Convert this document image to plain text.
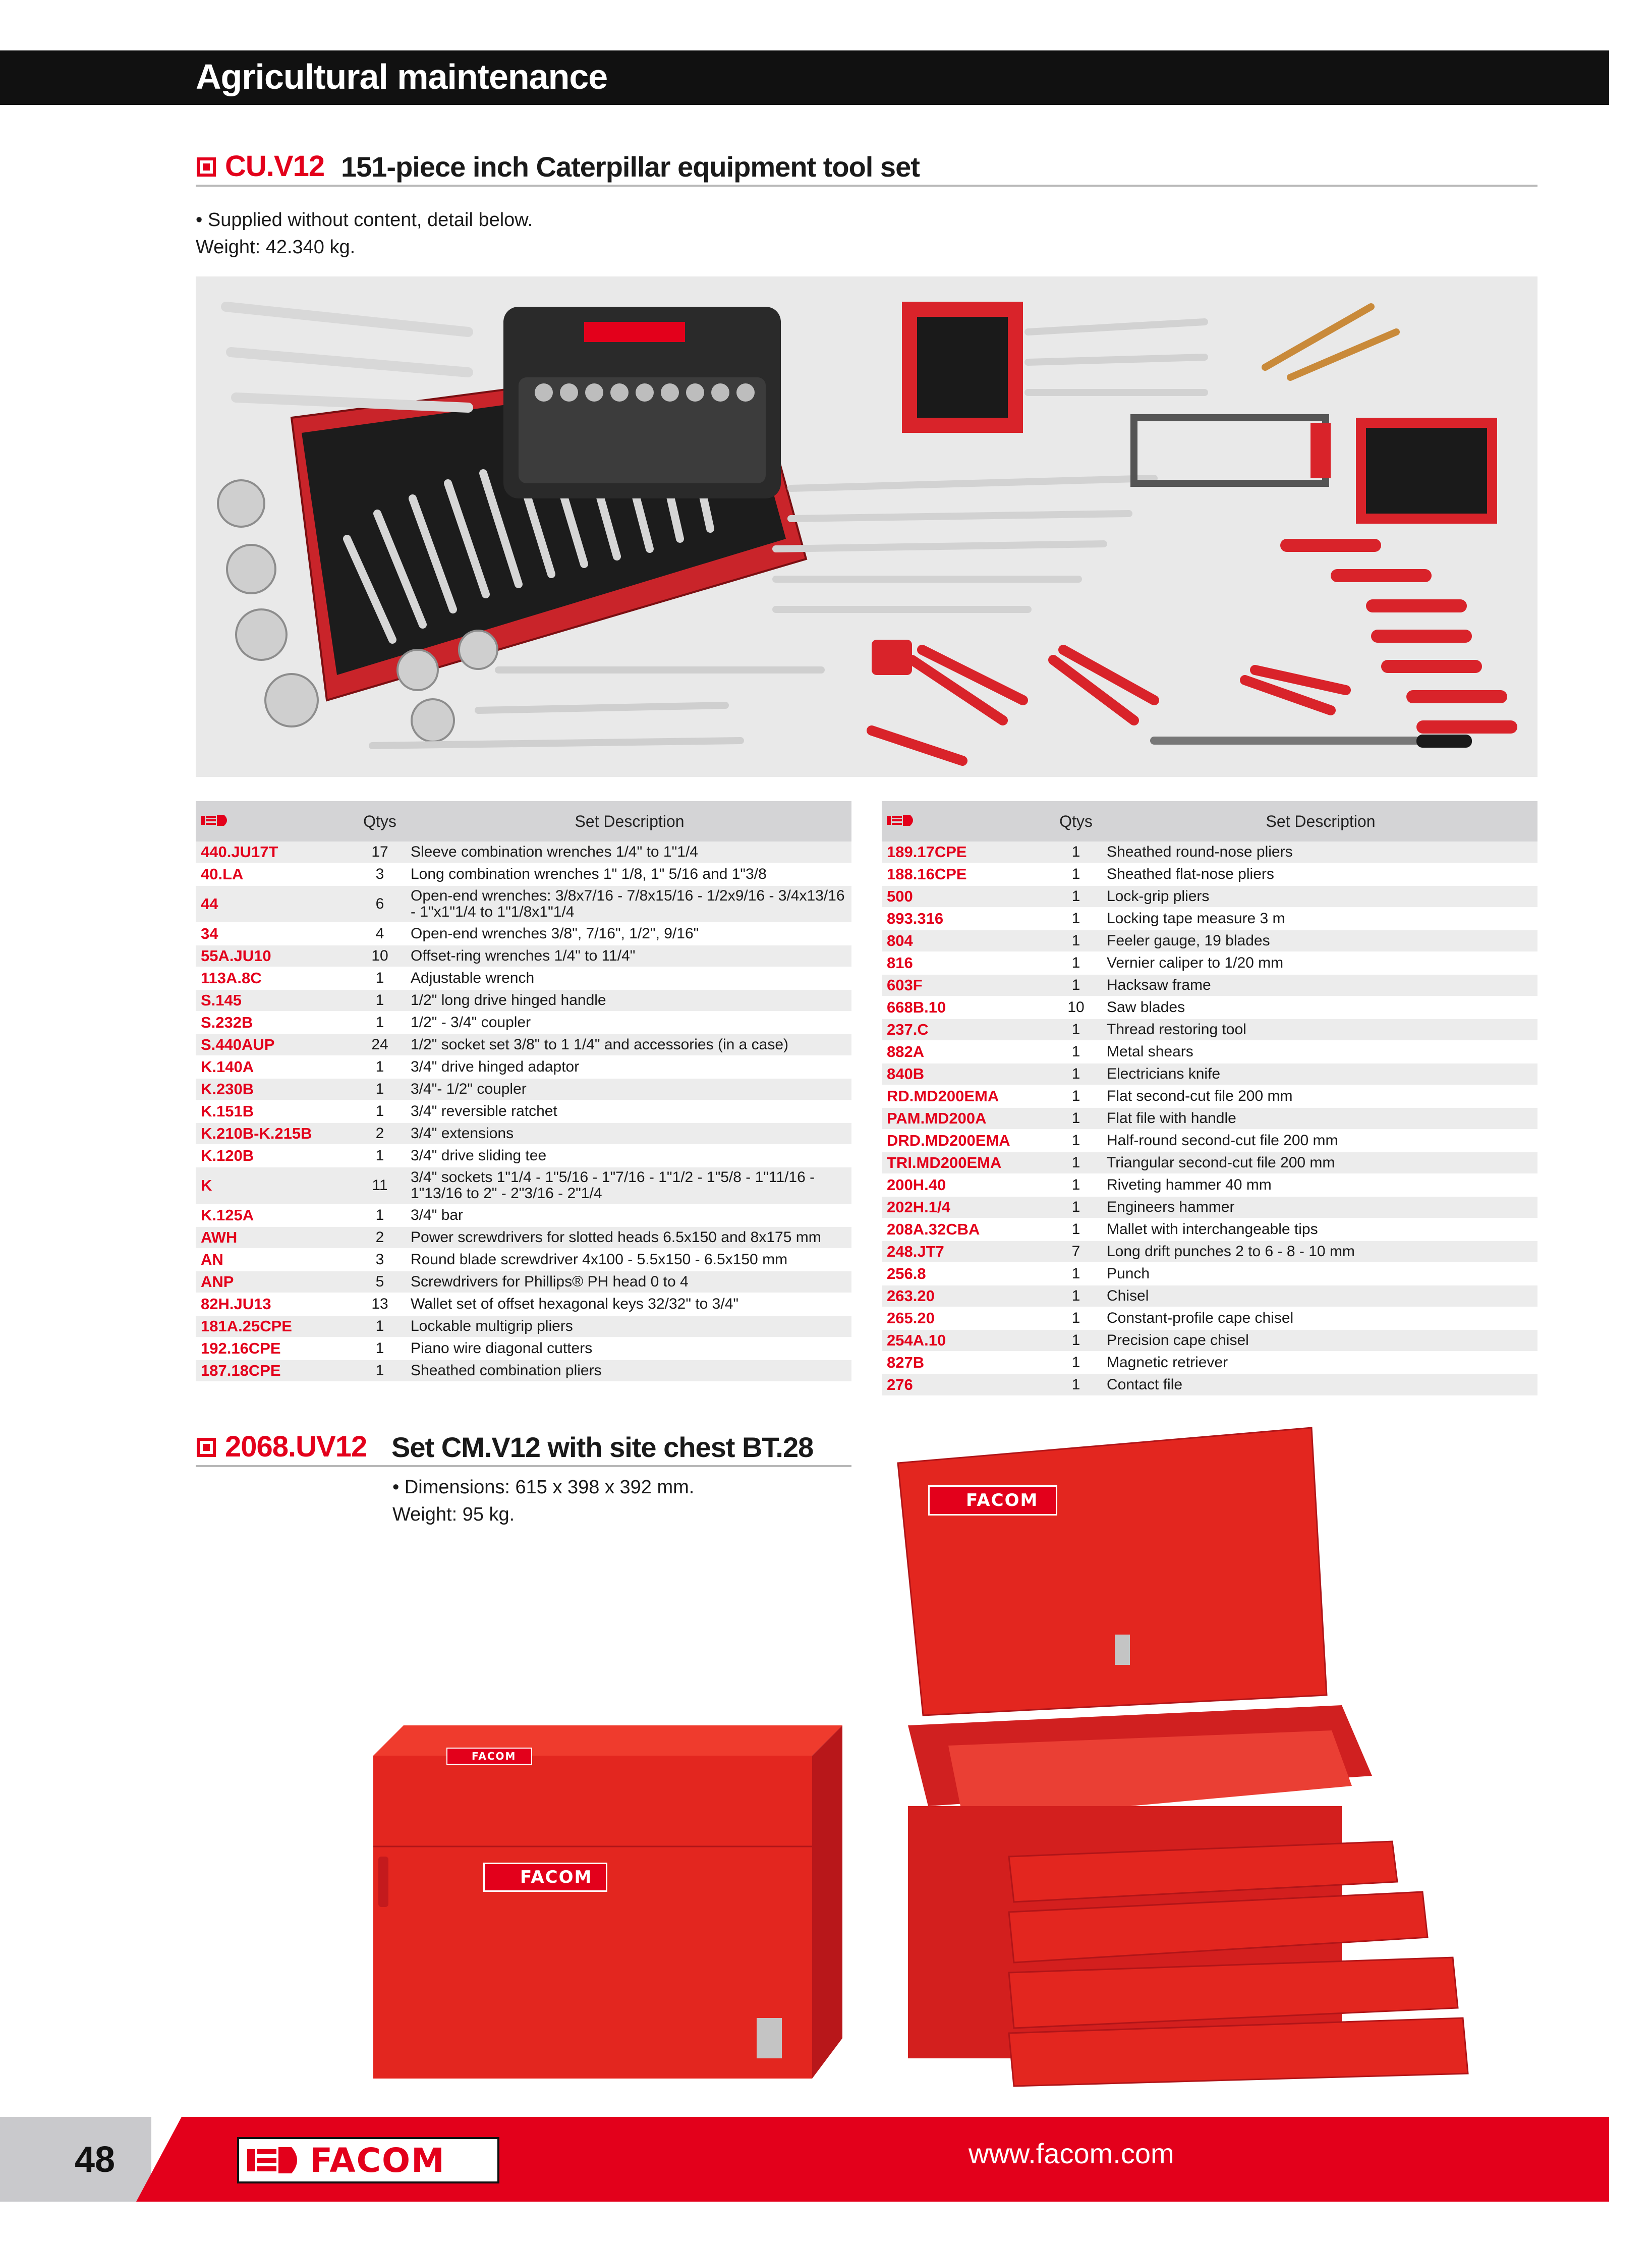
Agricultural maintenance
CU.V12 151-piece inch Caterpillar equipment tool set
• Supplied without content, detail below.
Weight: 42.340 kg.
	Qtys	Set Description
440.JU17T	17	Sleeve combination wrenches 1/4" to 1"1/4
40.LA	3	Long combination wrenches 1" 1/8, 1" 5/16 and 1"3/8
44	6	Open-end wrenches: 3/8x7/16 - 7/8x15/16 - 1/2x9/16 - 3/4x13/16 - 1"x1"1/4 to 1"1/8x1"1/4
34	4	Open-end wrenches 3/8", 7/16", 1/2", 9/16"
55A.JU10	10	Offset-ring wrenches 1/4" to 11/4"
113A.8C	1	Adjustable wrench
S.145	1	1/2" long drive hinged handle
S.232B	1	1/2" - 3/4" coupler
S.440AUP	24	1/2" socket set 3/8" to 1 1/4" and accessories (in a case)
K.140A	1	3/4" drive hinged adaptor
K.230B	1	3/4"- 1/2" coupler
K.151B	1	3/4" reversible ratchet
K.210B-K.215B	2	3/4" extensions
K.120B	1	3/4" drive sliding tee
K	11	3/4" sockets 1"1/4 - 1"5/16 - 1"7/16 - 1"1/2 - 1"5/8 - 1"11/16 - 1"13/16 to 2" - 2"3/16 - 2"1/4
K.125A	1	3/4" bar
AWH	2	Power screwdrivers for slotted heads 6.5x150 and 8x175 mm
AN	3	Round blade screwdriver 4x100 - 5.5x150 - 6.5x150 mm
ANP	5	Screwdrivers for Phillips® PH head 0 to 4
82H.JU13	13	Wallet set of offset hexagonal keys 32/32" to 3/4"
181A.25CPE	1	Lockable multigrip pliers
192.16CPE	1	Piano wire diagonal cutters
187.18CPE	1	Sheathed combination pliers
	Qtys	Set Description
189.17CPE	1	Sheathed round-nose pliers
188.16CPE	1	Sheathed flat-nose pliers
500	1	Lock-grip pliers
893.316	1	Locking tape measure 3 m
804	1	Feeler gauge, 19 blades
816	1	Vernier caliper to 1/20 mm
603F	1	Hacksaw frame
668B.10	10	Saw blades
237.C	1	Thread restoring tool
882A	1	Metal shears
840B	1	Electricians knife
RD.MD200EMA	1	Flat second-cut file 200 mm
PAM.MD200A	1	Flat file with handle
DRD.MD200EMA	1	Half-round second-cut file 200 mm
TRI.MD200EMA	1	Triangular second-cut file 200 mm
200H.40	1	Riveting hammer 40 mm
202H.1/4	1	Engineers hammer
208A.32CBA	1	Mallet with interchangeable tips
248.JT7	7	Long drift punches 2 to 6 - 8 - 10 mm
256.8	1	Punch
263.20	1	Chisel
265.20	1	Constant-profile cape chisel
254A.10	1	Precision cape chisel
827B	1	Magnetic retriever
276	1	Contact file
2068.UV12 Set CM.V12 with site chest BT.28
• Dimensions: 615 x 398 x 392 mm.
Weight: 95 kg.
FACOM
FACOM
FACOM
48	FACOM	www.facom.com
